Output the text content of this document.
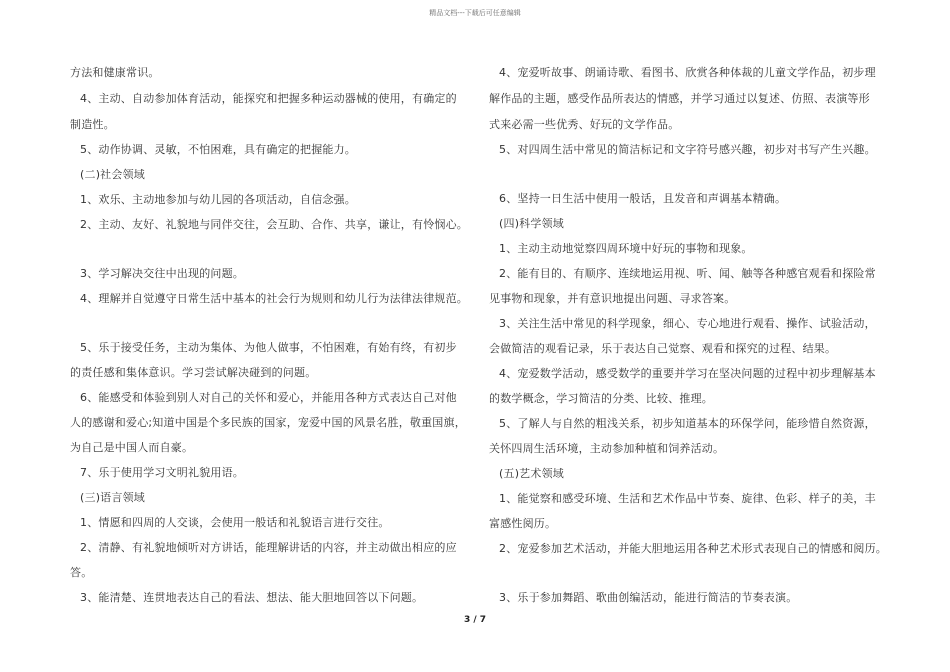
精品文档---下载后可任意编辑
方法和健康常识。
4、主动、自动参加体育活动，能探究和把握多种运动器械的使用，有确定的
制造性。
5、动作协调、灵敏，不怕困难，具有确定的把握能力。
(二)社会领域
1、欢乐、主动地参加与幼儿园的各项活动，自信念强。
2、主动、友好、礼貌地与同伴交往，会互助、合作、共享，谦让，有怜悯心。
3、学习解决交往中出现的问题。
4、理解并自觉遵守日常生活中基本的社会行为规则和幼儿行为法律法律规范。
5、乐于接受任务，主动为集体、为他人做事，不怕困难，有始有终，有初步
的责任感和集体意识。学习尝试解决碰到的问题。
6、能感受和体验到别人对自己的关怀和爱心，并能用各种方式表达自己对他
人的感谢和爱心;知道中国是个多民族的国家，宠爱中国的风景名胜，敬重国旗，
为自己是中国人而自豪。
7、乐于使用学习文明礼貌用语。
(三)语言领域
1、情愿和四周的人交谈，会使用一般话和礼貌语言进行交往。
2、清静、有礼貌地倾听对方讲话，能理解讲话的内容，并主动做出相应的应
答。
3、能清楚、连贯地表达自己的看法、想法、能大胆地回答以下问题。
4、宠爱听故事、朗诵诗歌、看图书、欣赏各种体裁的儿童文学作品，初步理
解作品的主题，感受作品所表达的情感，并学习通过以复述、仿照、表演等形
式来必需一些优秀、好玩的文学作品。
5、对四周生活中常见的简洁标记和文字符号感兴趣，初步对书写产生兴趣。
6、坚持一日生活中使用一般话，且发音和声调基本精确。
(四)科学领域
1、主动主动地觉察四周环境中好玩的事物和现象。
2、能有目的、有顺序、连续地运用视、听、闻、触等各种感官观看和探险常
见事物和现象，并有意识地提出问题、寻求答案。
3、关注生活中常见的科学现象，细心、专心地进行观看、操作、试验活动，
会做简洁的观看记录，乐于表达自己觉察、观看和探究的过程、结果。
4、宠爱数学活动，感受数学的重要并学习在坚决问题的过程中初步理解基本
的数学概念，学习简洁的分类、比较、推理。
5、了解人与自然的粗浅关系，初步知道基本的环保学问，能珍惜自然资源，
关怀四周生活环境，主动参加种植和饲养活动。
(五)艺术领域
1、能觉察和感受环境、生活和艺术作品中节奏、旋律、色彩、样子的美，丰
富感性阅历。
2、宠爱参加艺术活动，并能大胆地运用各种艺术形式表现自己的情感和阅历。
3、乐于参加舞蹈、歌曲创编活动，能进行简洁的节奏表演。
3 / 7
